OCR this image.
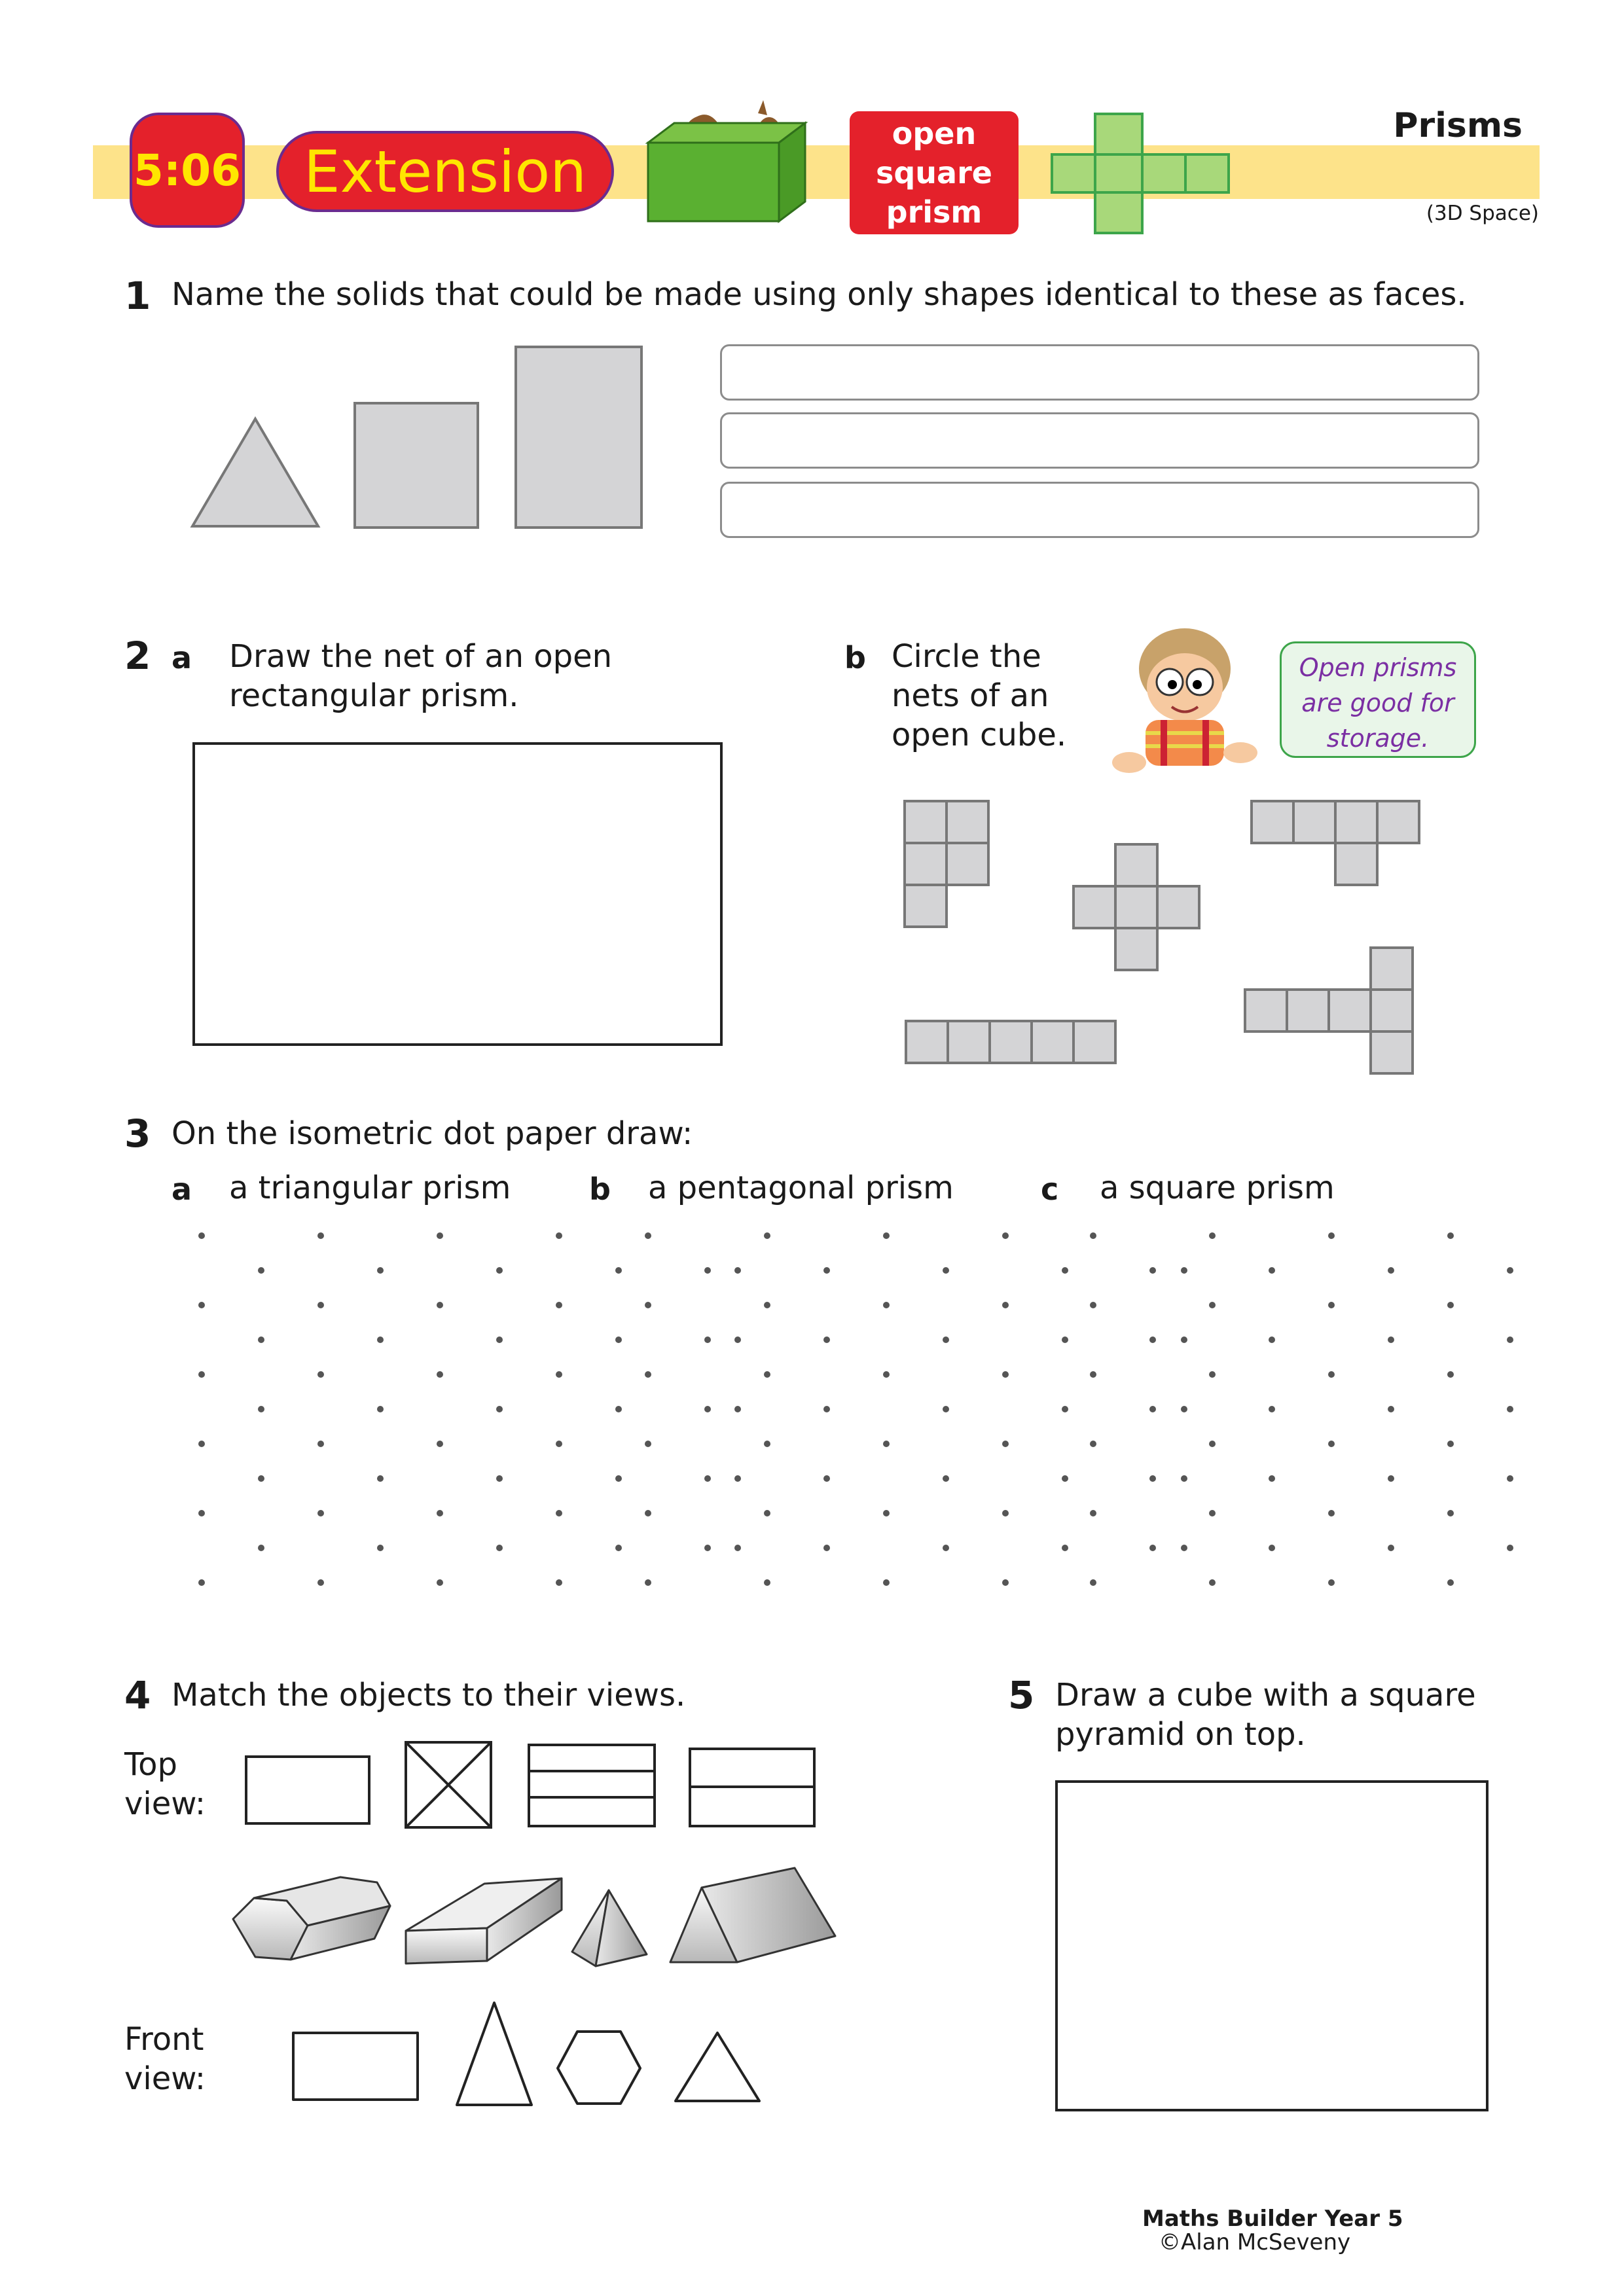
5:06 Extension
open
square
prism
Prisms
(3D Space)
1 Name the solids that could be made using only shapes identical to these as faces.
2 a Draw the net of an open
rectangular prism.
b Circle the
nets of an
open cube.
Open prisms
are good for
storage.
3 On the isometric dot paper draw:
a a triangular prism	b a pentagonal prism	c a square prism
4 Match the objects to their views.
Top
view:
Front
view:
5 Draw a cube with a square
pyramid on top.
Maths Builder Year 5
©Alan McSeveny
